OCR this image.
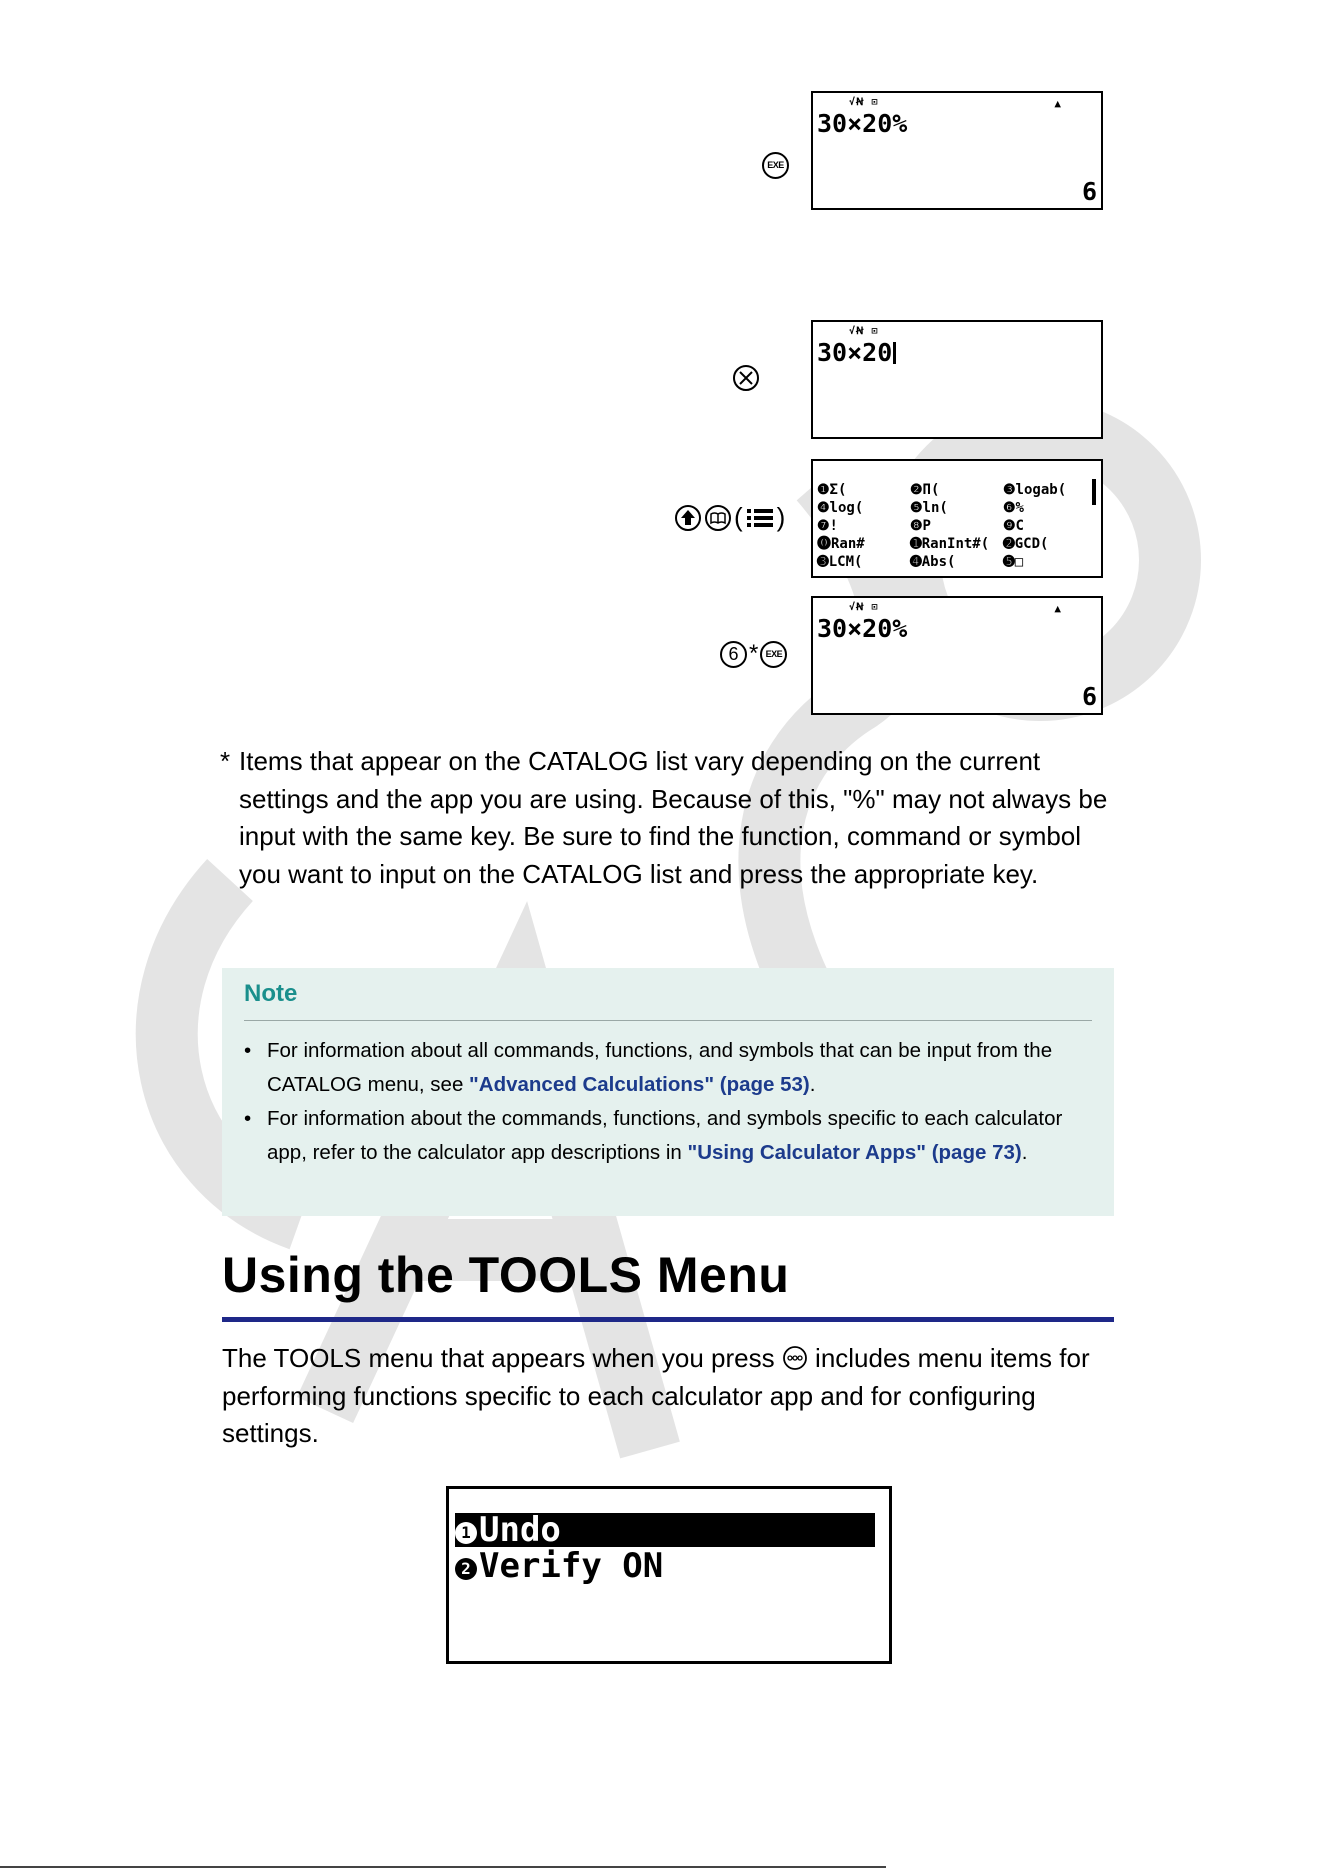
EXE
√Ꞥ ⊡	▲
30×20%
6
√Ꞥ ⊡
30×20
( )
❶Σ(	❷Π(	❸logab(
❹log(	❺ln(	❻%
❼!	❽P	❾C
⓿Ran#	➊RanInt#( ➋GCD(
➌LCM(	➍Abs(	➎□
6 * EXE
√Ꞥ ⊡	▲
30×20%
6
* Items that appear on the CATALOG list vary depending on the current settings and the app you are using. Because of this, "%" may not always be input with the same key. Be sure to find the function, command or symbol you want to input on the CATALOG list and press the appropriate key.
Note
• For information about all commands, functions, and symbols that can be input from the CATALOG menu, see "Advanced Calculations" (page 53).
• For information about the commands, functions, and symbols specific to each calculator app, refer to the calculator app descriptions in "Using Calculator Apps" (page 73).
Using the TOOLS Menu
The TOOLS menu that appears when you press  includes menu items for performing functions specific to each calculator app and for configuring settings.
1 Undo
2 Verify ON
